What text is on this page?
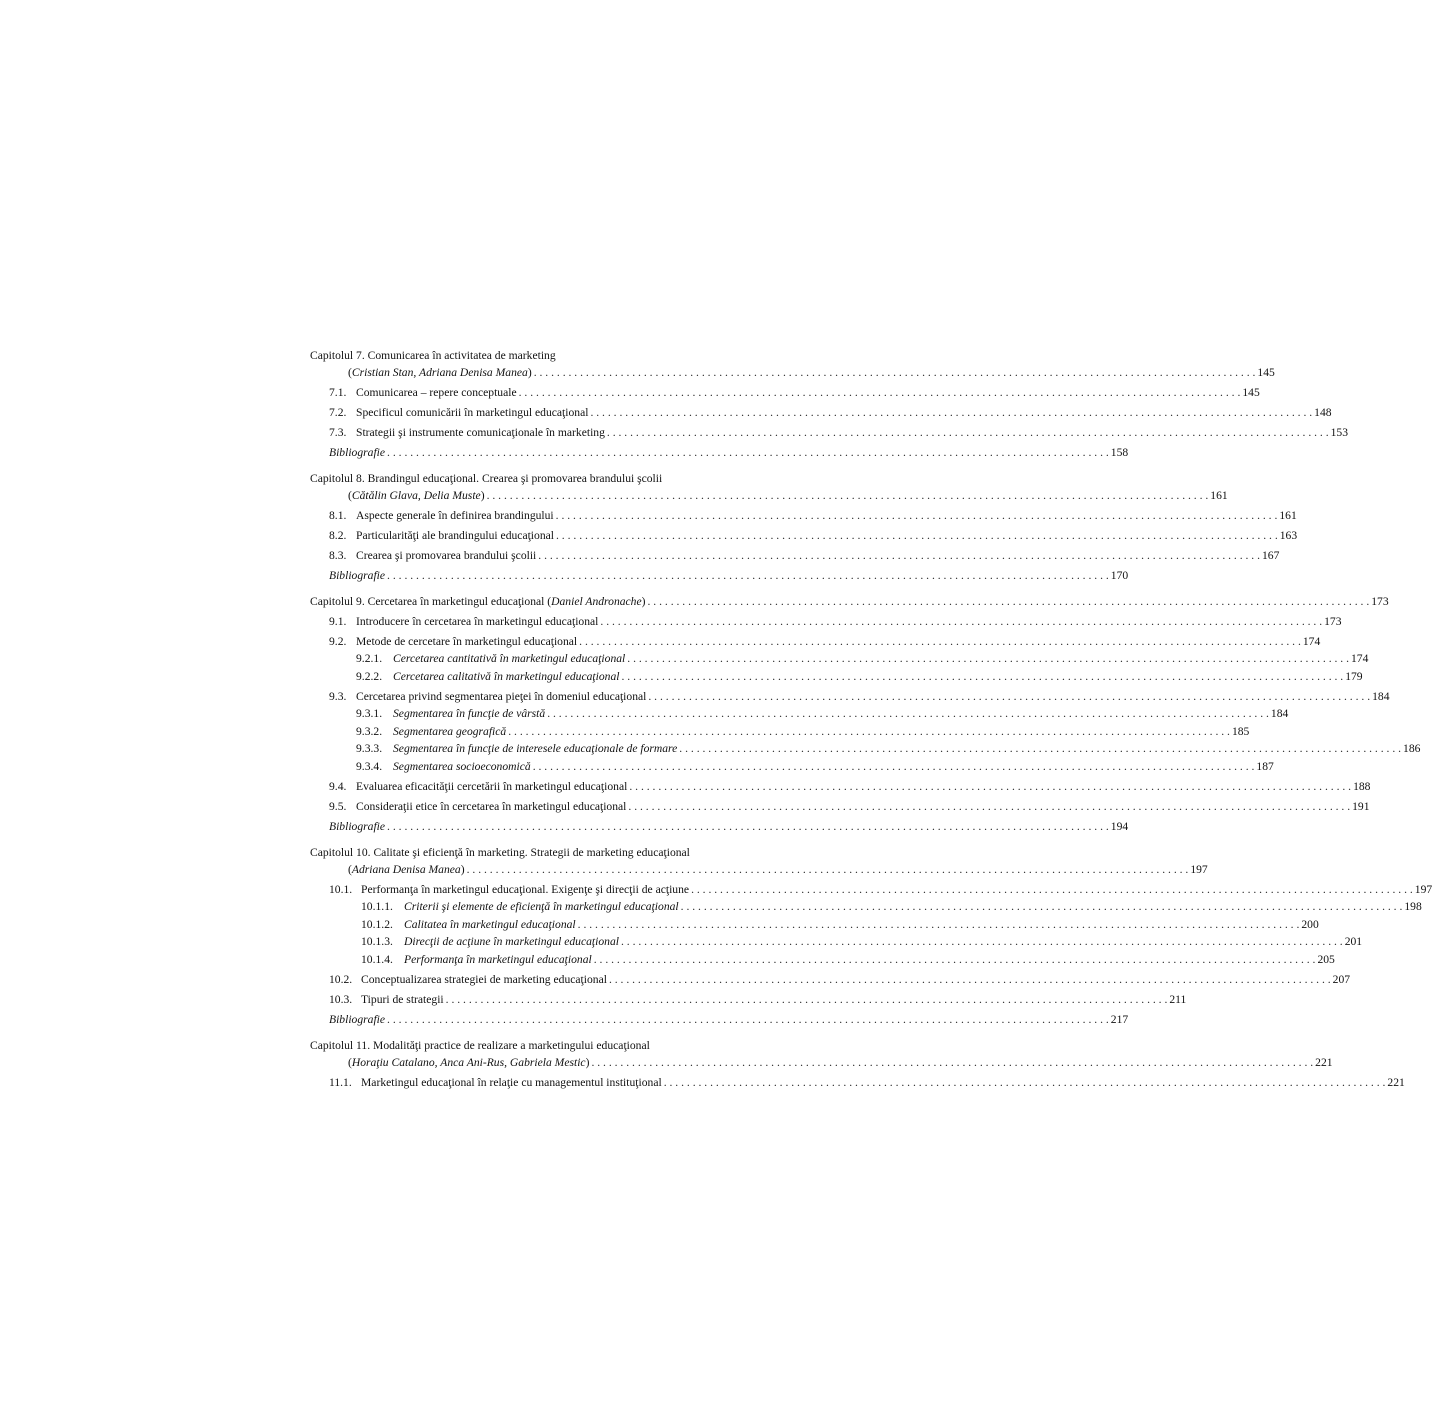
Capitolul 7. Comunicarea în activitatea de marketing
(Cristian Stan, Adriana Denisa Manea) . . .	145
7.1. Comunicarea – repere conceptuale . . .	145
7.2. Specificul comunicării în marketingul educaţional . . .	148
7.3. Strategii şi instrumente comunicaţionale în marketing . . .	153
Bibliografie . . .	158
Capitolul 8. Brandingul educaţional. Crearea şi promovarea brandului şcolii
(Cătălin Glava, Delia Muste) . . .	161
8.1. Aspecte generale în definirea brandingului . . .	161
8.2. Particularităţi ale brandingului educaţional . . .	163
8.3. Crearea şi promovarea brandului şcolii . . .	167
Bibliografie . . .	170
Capitolul 9. Cercetarea în marketingul educaţional (Daniel Andronache) . . .	173
9.1. Introducere în cercetarea în marketingul educaţional . . .	173
9.2. Metode de cercetare în marketingul educaţional . . .	174
9.2.1. Cercetarea cantitativă în marketingul educaţional . . .	174
9.2.2. Cercetarea calitativă în marketingul educaţional . . .	179
9.3. Cercetarea privind segmentarea pieţei în domeniul educaţional . . .	184
9.3.1. Segmentarea în funcţie de vârstă . . .	184
9.3.2. Segmentarea geografică . . .	185
9.3.3. Segmentarea în funcţie de interesele educaţionale de formare . . .	186
9.3.4. Segmentarea socioeconomică . . .	187
9.4. Evaluarea eficacităţii cercetării în marketingul educaţional . . .	188
9.5. Consideraţii etice în cercetarea în marketingul educaţional . . .	191
Bibliografie . . .	194
Capitolul 10. Calitate şi eficienţă în marketing. Strategii de marketing educaţional
(Adriana Denisa Manea) . . .	197
10.1. Performanţa în marketingul educaţional. Exigenţe şi direcţii de acţiune . . .	197
10.1.1. Criterii şi elemente de eficienţă în marketingul educaţional . . .	198
10.1.2. Calitatea în marketingul educaţional . . .	200
10.1.3. Direcţii de acţiune în marketingul educaţional . . .	201
10.1.4. Performanţa în marketingul educaţional . . .	205
10.2. Conceptualizarea strategiei de marketing educaţional . . .	207
10.3. Tipuri de strategii . . .	211
Bibliografie . . .	217
Capitolul 11. Modalităţi practice de realizare a marketingului educaţional
(Horaţiu Catalano, Anca Ani-Rus, Gabriela Mestic) . . .	221
11.1. Marketingul educaţional în relaţie cu managementul instituţional . . .	221
